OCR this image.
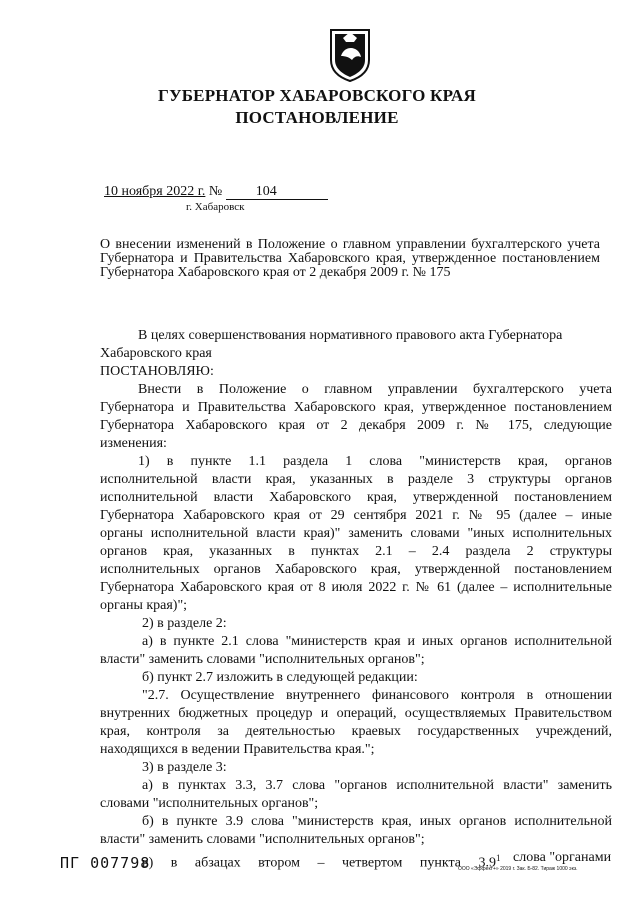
ГУБЕРНАТОР ХАБАРОВСКОГО КРАЯ
ПОСТАНОВЛЕНИЕ
10 ноября 2022 г. № 104
г. Хабаровск
О внесении изменений в Положение о главном управлении бухгалтерского учета Губернатора и Правительства Хабаровского края, утвержденное постановлением Губернатора Хабаровского края от 2 декабря 2009 г. № 175
В целях совершенствования нормативного правового акта Губернатора
Хабаровского края
ПОСТАНОВЛЯЮ:
Внести в Положение о главном управлении бухгалтерского учета
Губернатора и Правительства Хабаровского края, утвержденное постановлением
Губернатора Хабаровского края от 2 декабря 2009 г. № 175, следующие
изменения:
1) в пункте 1.1 раздела 1 слова "министерств края, органов
исполнительной власти края, указанных в разделе 3 структуры органов
исполнительной власти Хабаровского края, утвержденной постановлением
Губернатора Хабаровского края от 29 сентября 2021 г. № 95 (далее – иные
органы исполнительной власти края)" заменить словами "иных исполнительных
органов края, указанных в пунктах 2.1 – 2.4 раздела 2 структуры
исполнительных органов Хабаровского края, утвержденной постановлением
Губернатора Хабаровского края от 8 июля 2022 г. № 61 (далее – исполнительные
органы края)";
2) в разделе 2:
а) в пункте 2.1 слова "министерств края и иных органов исполнительной
власти" заменить словами "исполнительных органов";
б) пункт 2.7 изложить в следующей редакции:
"2.7. Осуществление внутреннего финансового контроля в отношении
внутренних бюджетных процедур и операций, осуществляемых Правительством
края, контроля за деятельностью краевых государственных учреждений,
находящихся в ведении Правительства края.";
3) в разделе 3:
а) в пунктах 3.3, 3.7 слова "органов исполнительной власти" заменить
словами "исполнительных органов";
б) в пункте 3.9 слова "министерств края, иных органов исполнительной
власти" заменить словами "исполнительных органов";
в) в абзацах втором – четвертом пункта $3.9^1$ слова "органами
ПГ 007798	ООО «Эффект+» 2019 г. Зак. Б-82. Тираж 1000 экз.
